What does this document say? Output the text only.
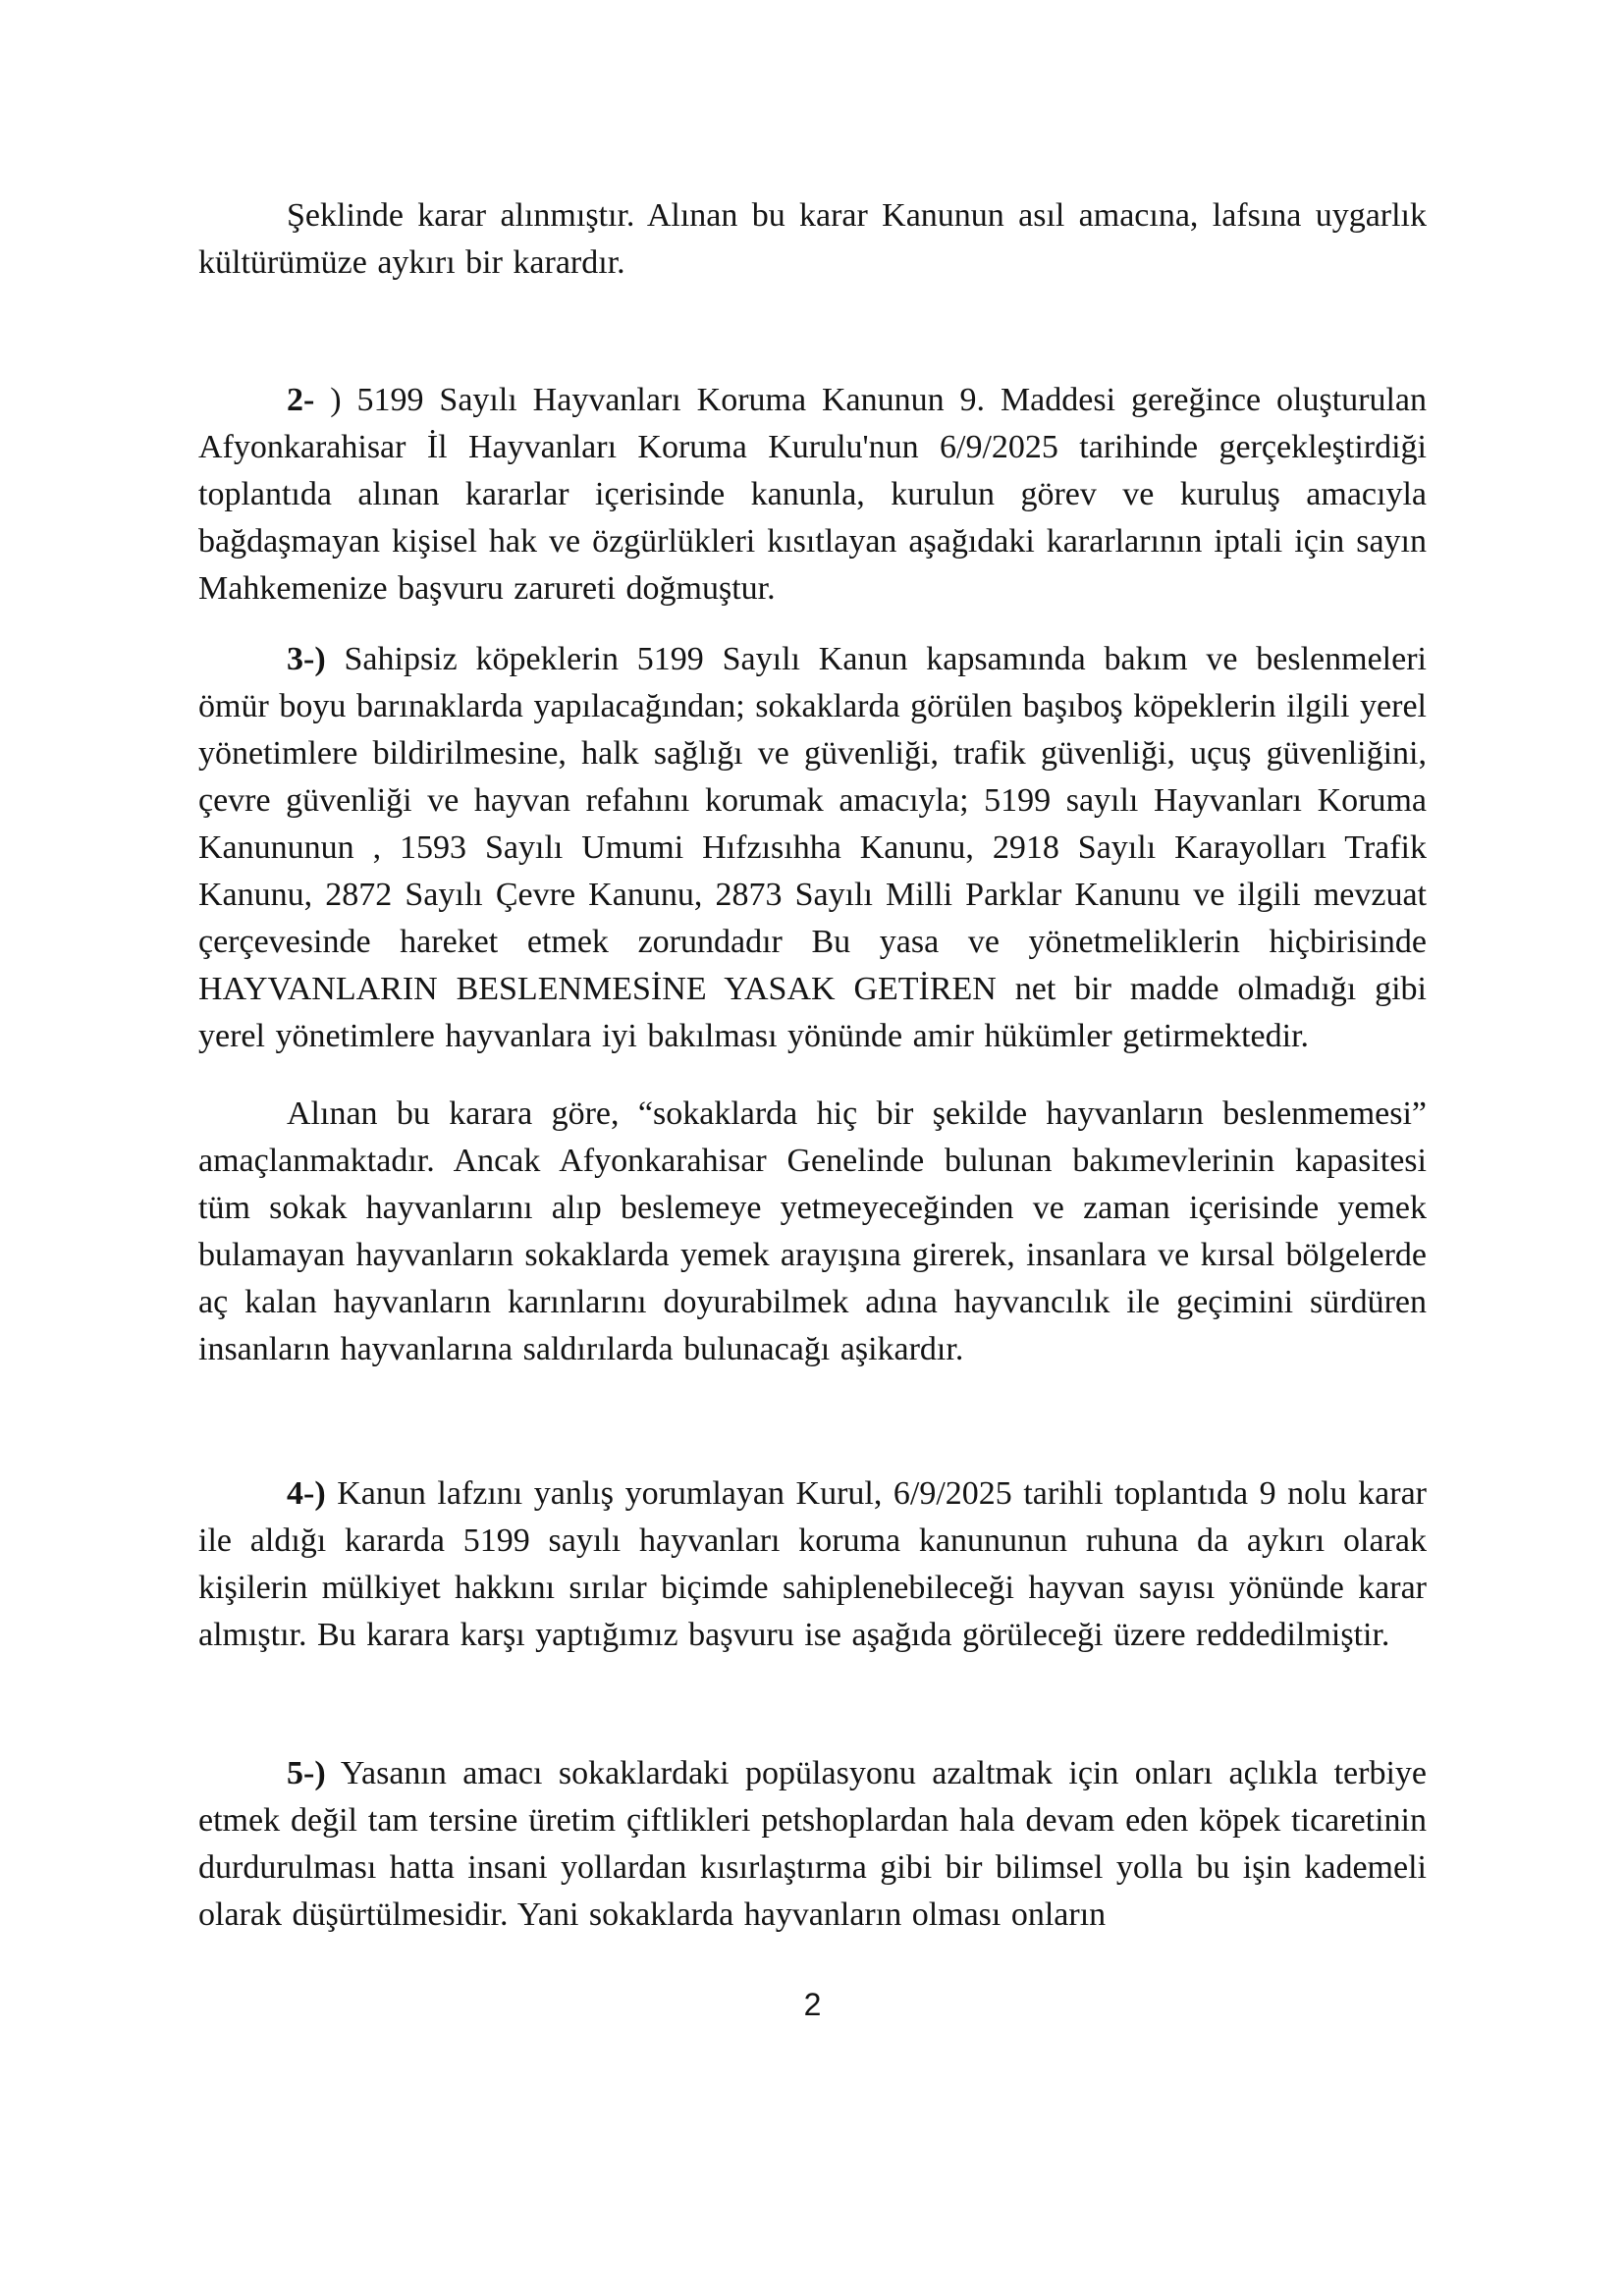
Şeklinde karar alınmıştır. Alınan bu karar Kanunun asıl amacına, lafsına uygarlık kültürümüze aykırı bir karardır.

2- ) 5199 Sayılı Hayvanları Koruma Kanunun 9. Maddesi gereğince oluşturulan Afyonkarahisar İl Hayvanları Koruma Kurulu'nun 6/9/2025 tarihinde gerçekleştirdiği toplantıda alınan kararlar içerisinde kanunla, kurulun görev ve kuruluş amacıyla bağdaşmayan kişisel hak ve özgürlükleri kısıtlayan aşağıdaki kararlarının iptali için sayın Mahkemenize başvuru zarureti doğmuştur.

3-) Sahipsiz köpeklerin 5199 Sayılı Kanun kapsamında bakım ve beslenmeleri ömür boyu barınaklarda yapılacağından; sokaklarda görülen başıboş köpeklerin ilgili yerel yönetimlere bildirilmesine, halk sağlığı ve güvenliği, trafik güvenliği, uçuş güvenliğini, çevre güvenliği ve hayvan refahını korumak amacıyla; 5199 sayılı Hayvanları Koruma Kanununun , 1593 Sayılı Umumi Hıfzısıhha Kanunu, 2918 Sayılı Karayolları Trafik Kanunu, 2872 Sayılı Çevre Kanunu, 2873 Sayılı Milli Parklar Kanunu ve ilgili mevzuat çerçevesinde hareket etmek zorundadır Bu yasa ve yönetmeliklerin hiçbirisinde HAYVANLARIN BESLENMESİNE YASAK GETİREN net bir madde olmadığı gibi yerel yönetimlere hayvanlara iyi bakılması yönünde amir hükümler getirmektedir.

Alınan bu karara göre, “sokaklarda hiç bir şekilde hayvanların beslenmemesi” amaçlanmaktadır. Ancak Afyonkarahisar Genelinde bulunan bakımevlerinin kapasitesi tüm sokak hayvanlarını alıp beslemeye yetmeyeceğinden ve zaman içerisinde yemek bulamayan hayvanların sokaklarda yemek arayışına girerek, insanlara ve kırsal bölgelerde aç kalan hayvanların karınlarını doyurabilmek adına hayvancılık ile geçimini sürdüren insanların hayvanlarına saldırılarda bulunacağı aşikardır.

4-) Kanun lafzını yanlış yorumlayan Kurul, 6/9/2025 tarihli toplantıda 9 nolu karar ile aldığı kararda 5199 sayılı hayvanları koruma kanununun ruhuna da aykırı olarak kişilerin mülkiyet hakkını sırılar biçimde sahiplenebileceği hayvan sayısı yönünde karar almıştır. Bu karara karşı yaptığımız başvuru ise aşağıda görüleceği üzere reddedilmiştir.

5-) Yasanın amacı sokaklardaki popülasyonu azaltmak için onları açlıkla terbiye etmek değil tam tersine üretim çiftlikleri petshoplardan hala devam eden köpek ticaretinin durdurulması hatta insani yollardan kısırlaştırma gibi bir bilimsel yolla bu işin kademeli olarak düşürtülmesidir. Yani sokaklarda hayvanların olması onların

2
